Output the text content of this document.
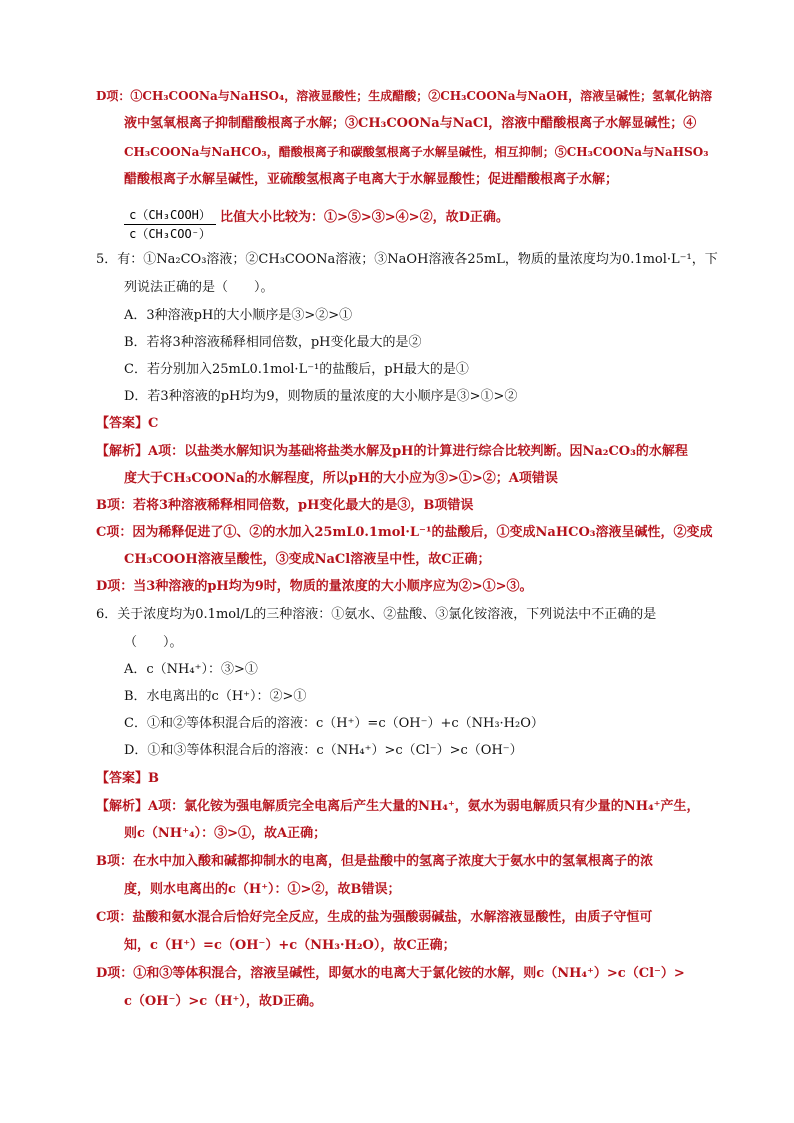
c（CH₃COOH）
c（CH₃COO⁻）
D项：①CH₃COONa与NaHSO₄，溶液显酸性；生成醋酸；②CH₃COONa与NaOH，溶液呈碱性；氢氧化钠溶
液中氢氧根离子抑制醋酸根离子水解；③CH₃COONa与NaCl，溶液中醋酸根离子水解显碱性；④
CH₃COONa与NaHCO₃，醋酸根离子和碳酸氢根离子水解呈碱性，相互抑制；⑤CH₃COONa与NaHSO₃
醋酸根离子水解呈碱性，亚硫酸氢根离子电离大于水解显酸性；促进醋酸根离子水解；
比值大小比较为：①>⑤>③>④>②，故D正确。
5．有：①Na₂CO₃溶液；②CH₃COONa溶液；③NaOH溶液各25mL，物质的量浓度均为0.1mol·L⁻¹，下
列说法正确的是（　　）。
A．3种溶液pH的大小顺序是③>②>①
B．若将3种溶液稀释相同倍数，pH变化最大的是②
C．若分别加入25mL0.1mol·L⁻¹的盐酸后，pH最大的是①
D．若3种溶液的pH均为9，则物质的量浓度的大小顺序是③>①>②
【答案】C
【解析】A项：以盐类水解知识为基础将盐类水解及pH的计算进行综合比较判断。因Na₂CO₃的水解程
度大于CH₃COONa的水解程度，所以pH的大小应为③>①>②；A项错误
B项：若将3种溶液稀释相同倍数，pH变化最大的是③，B项错误
C项：因为稀释促进了①、②的水加入25mL0.1mol·L⁻¹的盐酸后，①变成NaHCO₃溶液呈碱性，②变成
CH₃COOH溶液呈酸性，③变成NaCl溶液呈中性，故C正确；
D项：当3种溶液的pH均为9时，物质的量浓度的大小顺序应为②>①>③。
6．关于浓度均为0.1mol/L的三种溶液：①氨水、②盐酸、③氯化铵溶液，下列说法中不正确的是
（　　）。
A．c（NH₄⁺）：③>①
B．水电离出的c（H⁺）：②>①
C．①和②等体积混合后的溶液：c（H⁺）=c（OH⁻）+c（NH₃·H₂O）
D．①和③等体积混合后的溶液：c（NH₄⁺）>c（Cl⁻）>c（OH⁻）
【答案】B
【解析】A项：氯化铵为强电解质完全电离后产生大量的NH₄⁺，氨水为弱电解质只有少量的NH₄⁺产生，
则c（NH⁺₄）：③>①，故A正确；
B项：在水中加入酸和碱都抑制水的电离，但是盐酸中的氢离子浓度大于氨水中的氢氧根离子的浓
度，则水电离出的c（H⁺）：①>②，故B错误；
C项：盐酸和氨水混合后恰好完全反应，生成的盐为强酸弱碱盐，水解溶液显酸性，由质子守恒可
知，c（H⁺）=c（OH⁻）+c（NH₃·H₂O），故C正确；
D项：①和③等体积混合，溶液呈碱性，即氨水的电离大于氯化铵的水解，则c（NH₄⁺）>c（Cl⁻）>
c（OH⁻）>c（H⁺），故D正确。
